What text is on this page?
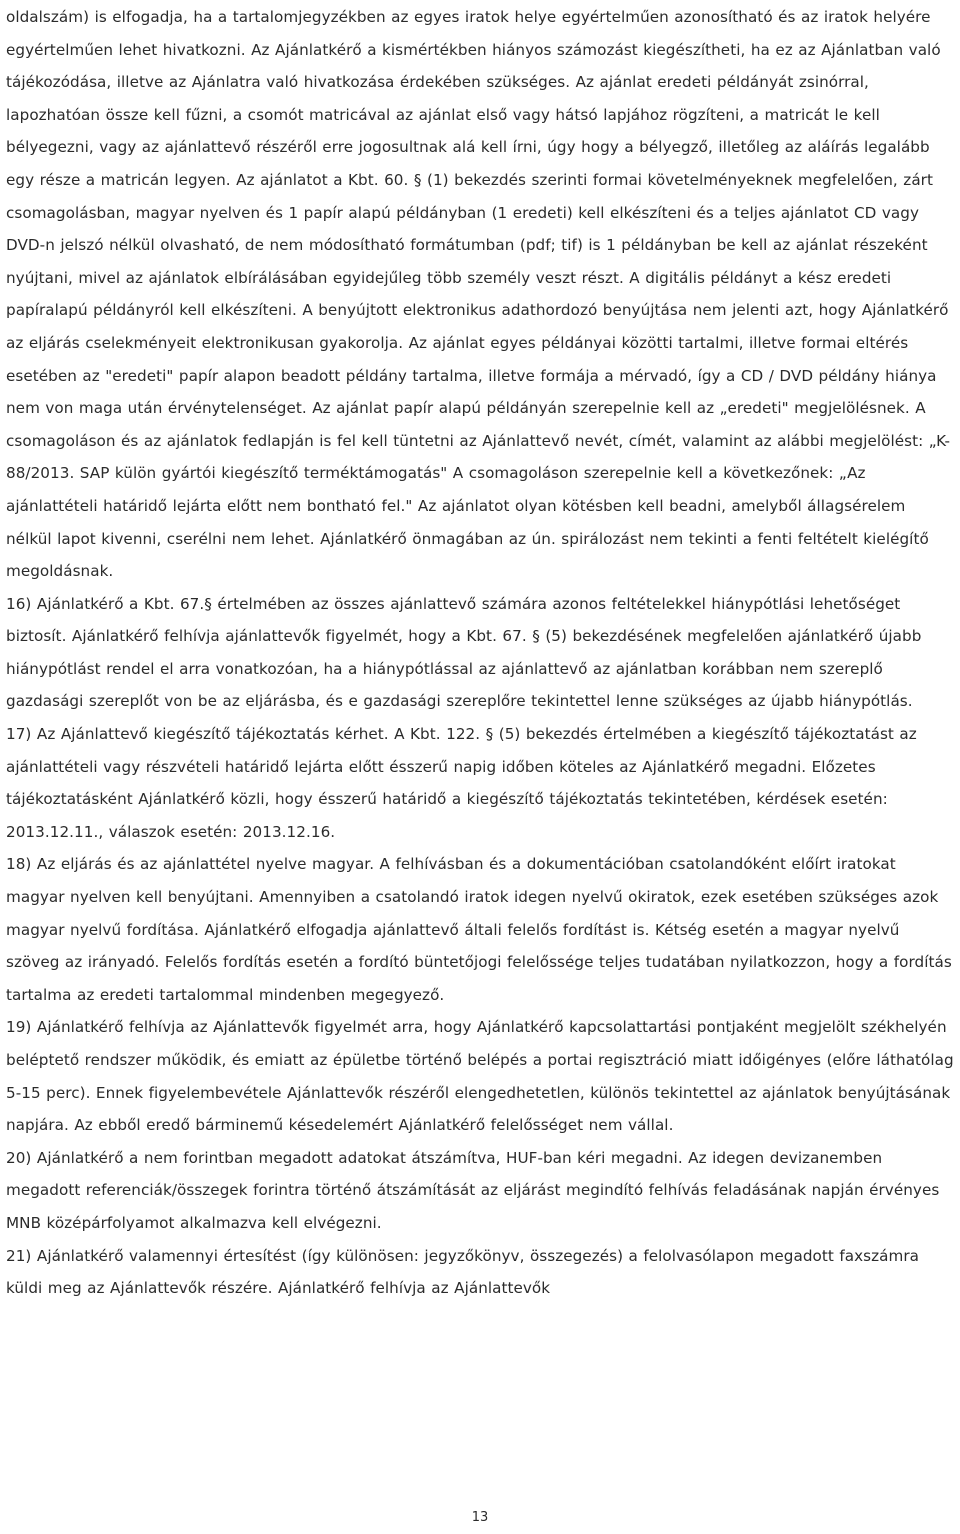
oldalszám) is elfogadja, ha a tartalomjegyzékben az egyes iratok helye egyértelműen azonosítható és az iratok helyére egyértelműen lehet hivatkozni. Az Ajánlatkérő a kismértékben hiányos számozást kiegészítheti, ha ez az Ajánlatban való tájékozódása, illetve az Ajánlatra való hivatkozása érdekében szükséges. Az ajánlat eredeti példányát zsinórral, lapozhatóan össze kell fűzni, a csomót matricával az ajánlat első vagy hátsó lapjához rögzíteni, a matricát le kell bélyegezni, vagy az ajánlattevő részéről erre jogosultnak alá kell írni, úgy hogy a bélyegző, illetőleg az aláírás legalább egy része a matricán legyen. Az ajánlatot a Kbt. 60. § (1) bekezdés szerinti formai követelményeknek megfelelően, zárt csomagolásban, magyar nyelven és 1 papír alapú példányban (1 eredeti) kell elkészíteni és a teljes ajánlatot CD vagy DVD-n jelszó nélkül olvasható, de nem módosítható formátumban (pdf; tif) is 1 példányban be kell az ajánlat részeként nyújtani, mivel az ajánlatok elbírálásában egyidejűleg több személy veszt részt. A digitális példányt a kész eredeti papíralapú példányról kell elkészíteni. A benyújtott elektronikus adathordozó benyújtása nem jelenti azt, hogy Ajánlatkérő az eljárás cselekményeit elektronikusan gyakorolja. Az ajánlat egyes példányai közötti tartalmi, illetve formai eltérés esetében az "eredeti" papír alapon beadott példány tartalma, illetve formája a mérvadó, így a CD / DVD példány hiánya nem von maga után érvénytelenséget. Az ajánlat papír alapú példányán szerepelnie kell az „eredeti" megjelölésnek. A csomagoláson és az ajánlatok fedlapján is fel kell tüntetni az Ajánlattevő nevét, címét, valamint az alábbi megjelölést: „K-88/2013. SAP külön gyártói kiegészítő terméktámogatás" A csomagoláson szerepelnie kell a következőnek: „Az ajánlattételi határidő lejárta előtt nem bontható fel." Az ajánlatot olyan kötésben kell beadni, amelyből állagsérelem nélkül lapot kivenni, cserélni nem lehet. Ajánlatkérő önmagában az ún. spirálozást nem tekinti a fenti feltételt kielégítő megoldásnak.

16) Ajánlatkérő a Kbt. 67.§ értelmében az összes ajánlattevő számára azonos feltételekkel hiánypótlási lehetőséget biztosít. Ajánlatkérő felhívja ajánlattevők figyelmét, hogy a Kbt. 67. § (5) bekezdésének megfelelően ajánlatkérő újabb hiánypótlást rendel el arra vonatkozóan, ha a hiánypótlással az ajánlattevő az ajánlatban korábban nem szereplő gazdasági szereplőt von be az eljárásba, és e gazdasági szereplőre tekintettel lenne szükséges az újabb hiánypótlás.

17) Az Ajánlattevő kiegészítő tájékoztatás kérhet. A Kbt. 122. § (5) bekezdés értelmében a kiegészítő tájékoztatást az ajánlattételi vagy részvételi határidő lejárta előtt ésszerű napig időben köteles az Ajánlatkérő megadni. Előzetes tájékoztatásként Ajánlatkérő közli, hogy ésszerű határidő a kiegészítő tájékoztatás tekintetében, kérdések esetén: 2013.12.11., válaszok esetén: 2013.12.16.

18) Az eljárás és az ajánlattétel nyelve magyar. A felhívásban és a dokumentációban csatolandóként előírt iratokat magyar nyelven kell benyújtani. Amennyiben a csatolandó iratok idegen nyelvű okiratok, ezek esetében szükséges azok magyar nyelvű fordítása. Ajánlatkérő elfogadja ajánlattevő általi felelős fordítást is. Kétség esetén a magyar nyelvű szöveg az irányadó. Felelős fordítás esetén a fordító büntetőjogi felelőssége teljes tudatában nyilatkozzon, hogy a fordítás tartalma az eredeti tartalommal mindenben megegyező.

19) Ajánlatkérő felhívja az Ajánlattevők figyelmét arra, hogy Ajánlatkérő kapcsolattartási pontjaként megjelölt székhelyén beléptető rendszer működik, és emiatt az épületbe történő belépés a portai regisztráció miatt időigényes (előre láthatólag 5-15 perc). Ennek figyelembevétele Ajánlattevők részéről elengedhetetlen, különös tekintettel az ajánlatok benyújtásának napjára. Az ebből eredő bárminemű késedelemért Ajánlatkérő felelősséget nem vállal.

20) Ajánlatkérő a nem forintban megadott adatokat átszámítva, HUF-ban kéri megadni. Az idegen devizanemben megadott referenciák/összegek forintra történő átszámítását az eljárást megindító felhívás feladásának napján érvényes MNB középárfolyamot alkalmazva kell elvégezni.

21) Ajánlatkérő valamennyi értesítést (így különösen: jegyzőkönyv, összegezés) a felolvasólapon megadott faxszámra küldi meg az Ajánlattevők részére. Ajánlatkérő felhívja az Ajánlattevők

13
